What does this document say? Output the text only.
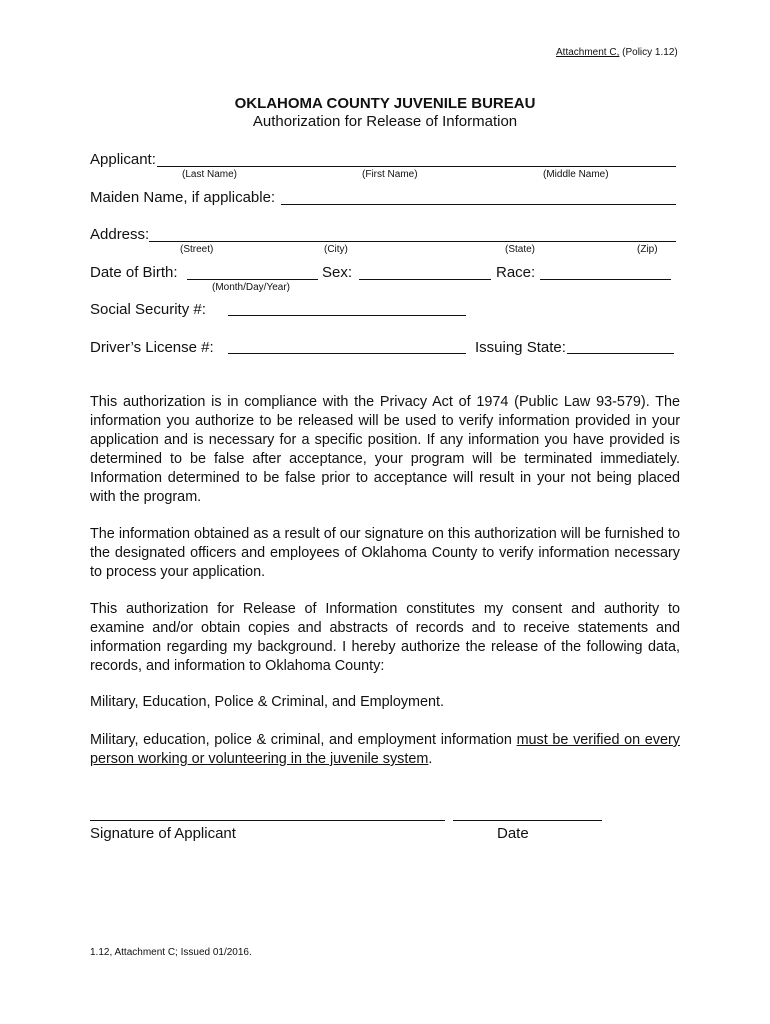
Attachment C, (Policy 1.12)
OKLAHOMA COUNTY JUVENILE BUREAU
Authorization for Release of Information
Applicant:
(Last Name)	(First Name)	(Middle Name)
Maiden Name, if applicable:
Address:
(Street)	(City)	(State)	(Zip)
Date of Birth:
(Month/Day/Year)
Sex:	Race:
Social Security #:
Driver’s License #:	Issuing State:

This authorization is in compliance with the Privacy Act of 1974 (Public Law 93-579). The information you authorize to be released will be used to verify information provided in your application and is necessary for a specific position. If any information you have provided is determined to be false after acceptance, your program will be terminated immediately. Information determined to be false prior to acceptance will result in your not being placed with the program.

The information obtained as a result of our signature on this authorization will be furnished to the designated officers and employees of Oklahoma County to verify information necessary to process your application.

This authorization for Release of Information constitutes my consent and authority to examine and/or obtain copies and abstracts of records and to receive statements and information regarding my background. I hereby authorize the release of the following data, records, and information to Oklahoma County:

Military, Education, Police & Criminal, and Employment.

Military, education, police & criminal, and employment information must be verified on every person working or volunteering in the juvenile system.

Signature of Applicant	Date
1.12, Attachment C; Issued 01/2016.
